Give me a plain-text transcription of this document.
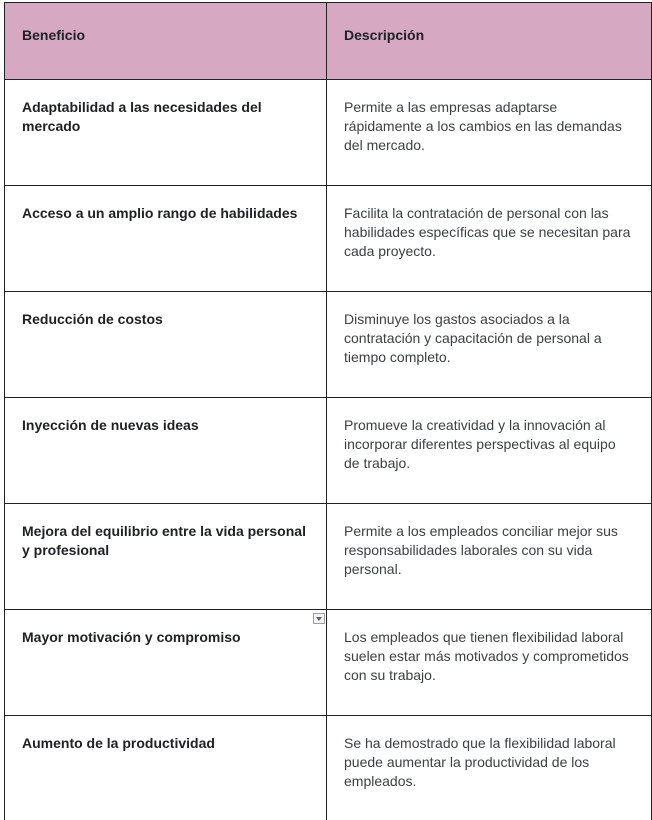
Beneficio	Descripción
Adaptabilidad a las necesidades del mercado	Permite a las empresas adaptarse rápidamente a los cambios en las demandas del mercado.
Acceso a un amplio rango de habilidades	Facilita la contratación de personal con las habilidades específicas que se necesitan para cada proyecto.
Reducción de costos	Disminuye los gastos asociados a la contratación y capacitación de personal a tiempo completo.
Inyección de nuevas ideas	Promueve la creatividad y la innovación al incorporar diferentes perspectivas al equipo de trabajo.
Mejora del equilibrio entre la vida personal y profesional	Permite a los empleados conciliar mejor sus responsabilidades laborales con su vida personal.
Mayor motivación y compromiso	Los empleados que tienen flexibilidad laboral suelen estar más motivados y comprometidos con su trabajo.
Aumento de la productividad	Se ha demostrado que la flexibilidad laboral puede aumentar la productividad de los empleados.
